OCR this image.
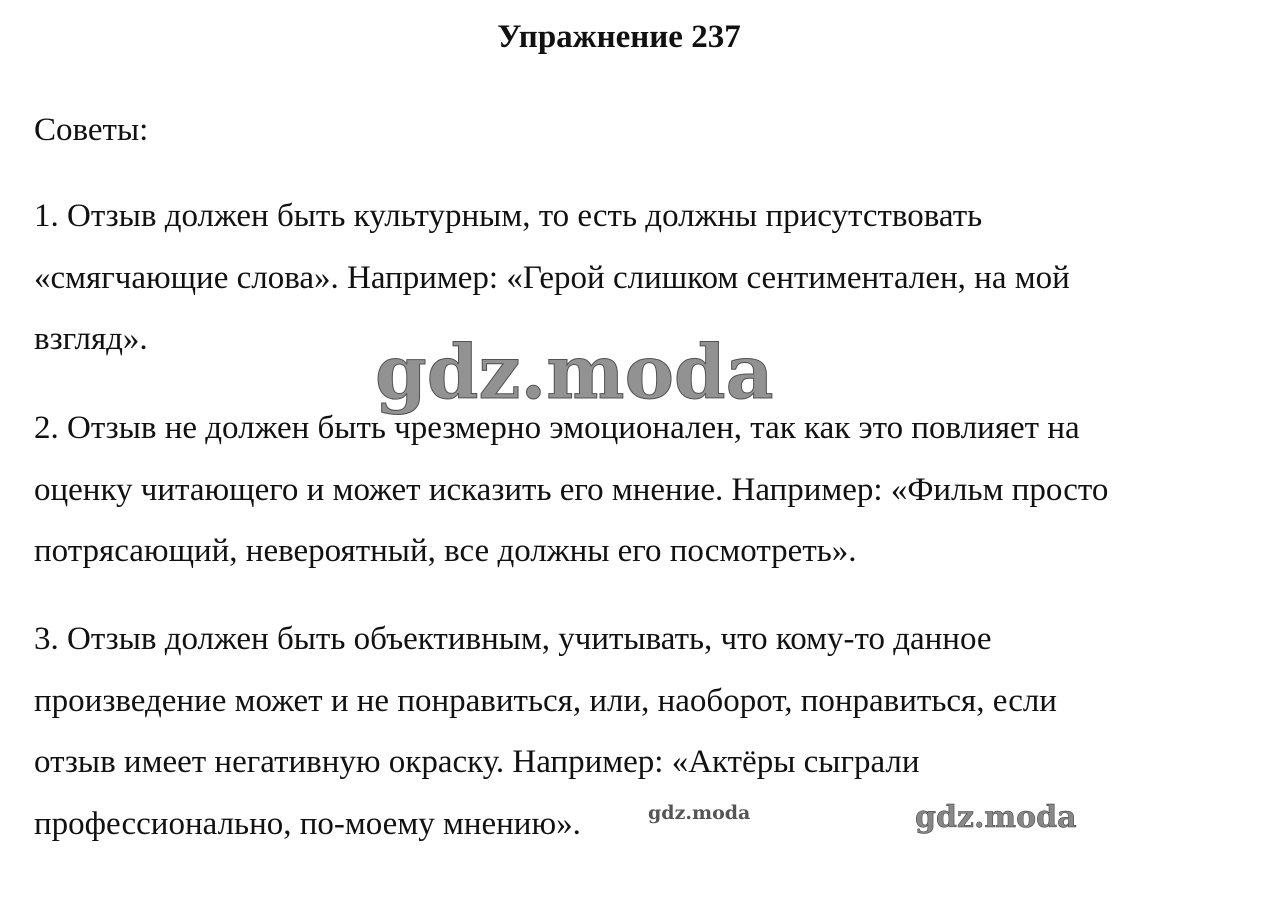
Упражнение 237
Советы:
1. Отзыв должен быть культурным, то есть должны присутствовать
«смягчающие слова». Например: «Герой слишком сентиментален, на мой
взгляд».
2. Отзыв не должен быть чрезмерно эмоционален, так как это повлияет на
оценку читающего и может исказить его мнение. Например: «Фильм просто
потрясающий, невероятный, все должны его посмотреть».
3. Отзыв должен быть объективным, учитывать, что кому-то данное
произведение может и не понравиться, или, наоборот, понравиться, если
отзыв имеет негативную окраску. Например: «Актёры сыграли
профессионально, по-моему мнению».
gdz.moda
gdz.moda	gdz.moda
